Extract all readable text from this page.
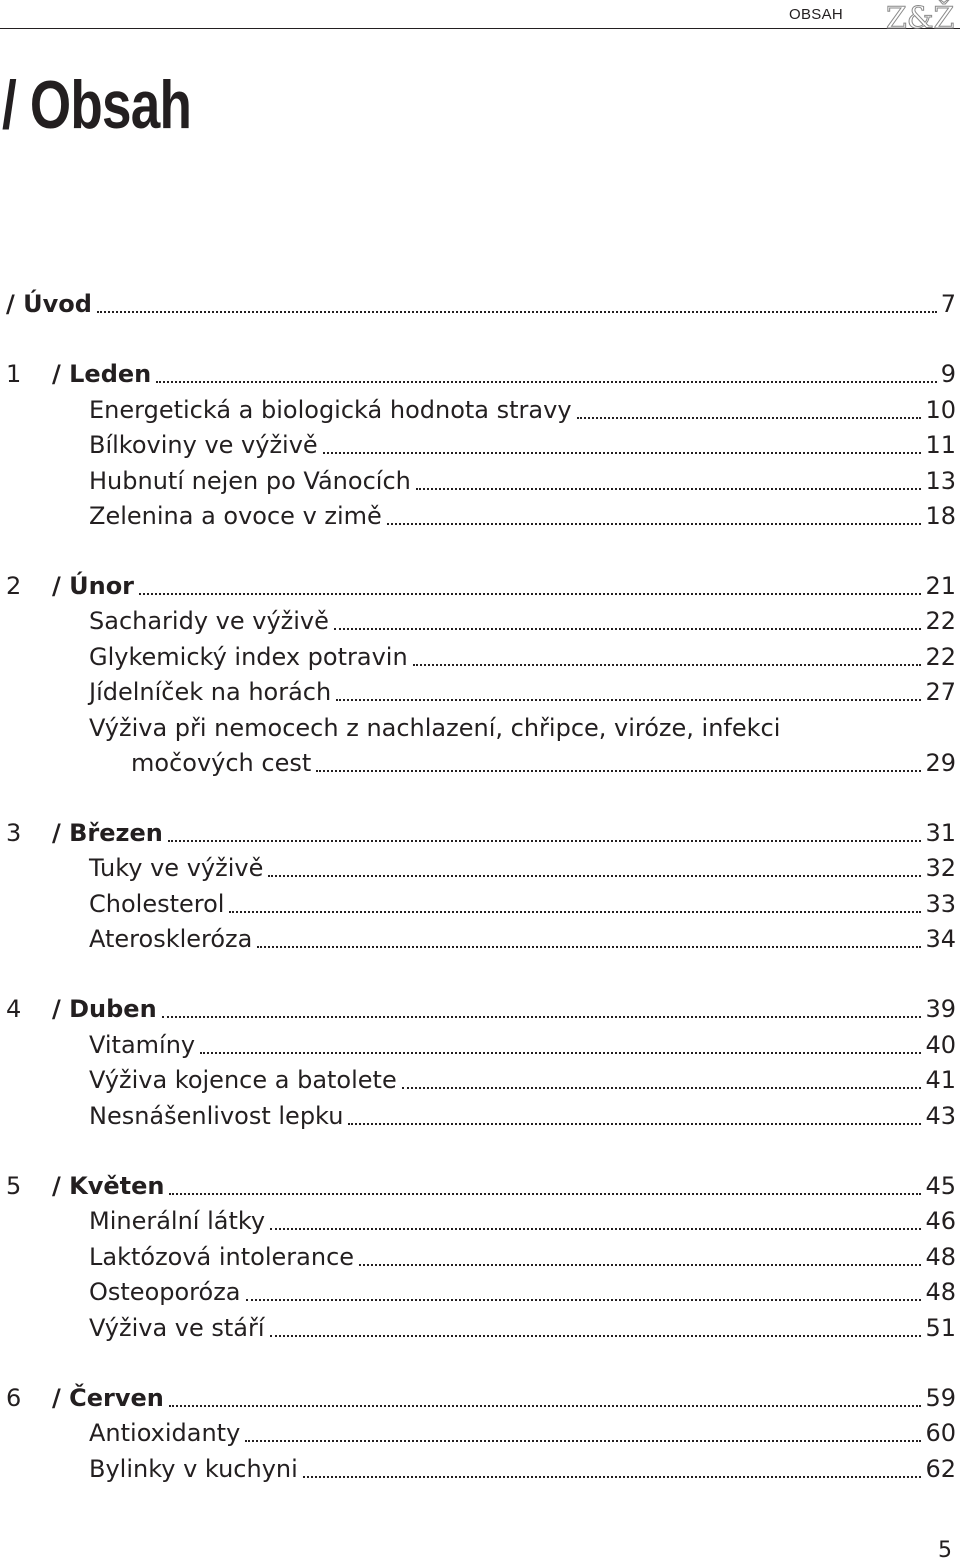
OBSAH Z&Ž
/ Obsah
/ Úvod	7
1 / Leden	9
Energetická a biologická hodnota stravy	10
Bílkoviny ve výživě	11
Hubnutí nejen po Vánocích	13
Zelenina a ovoce v zimě	18
2 / Únor	21
Sacharidy ve výživě	22
Glykemický index potravin	22
Jídelníček na horách	27
Výživa při nemocech z nachlazení, chřipce, viróze, infekci
močových cest	29
3 / Březen	31
Tuky ve výživě	32
Cholesterol	33
Ateroskleróza	34
4 / Duben	39
Vitamíny	40
Výživa kojence a batolete	41
Nesnášenlivost lepku	43
5 / Květen	45
Minerální látky	46
Laktózová intolerance	48
Osteoporóza	48
Výživa ve stáří	51
6 / Červen	59
Antioxidanty	60
Bylinky v kuchyni	62
5
